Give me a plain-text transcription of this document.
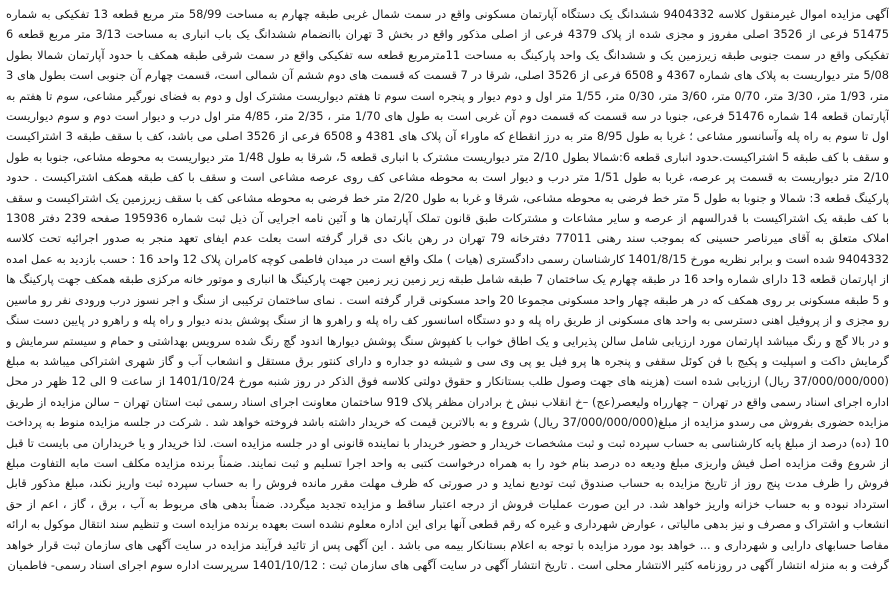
آگهی مزایده اموال غیرمنقول کلاسه 9404332 ششدانگ یک دستگاه آپارتمان مسکونی واقع در سمت شمال غربی طبقه چهارم به مساحت 58/99 متر مربع قطعه 13 تفکیکی به شماره 51475 فرعی از 3526 اصلی مفروز و مجزی شده از پلاک 4379 فرعی از اصلی مذکور واقع در بخش 3 تهران باانضمام ششدانگ یک باب انباری به مساحت 3/13 متر مربع قطعه 6 تفکیکی واقع در سمت جنوبی طبقه زیرزمین یک و ششدانگ یک واحد پارکینگ به مساحت 11مترمربع قطعه سه تفکیکی واقع در سمت شرقی طبقه همکف با حدود آپارتمان شمالا بطول 5/08 متر دیواریست به پلاک های شماره 4367 و 6508 فرعی از 3526 اصلی، شرقا در 7 قسمت که قسمت های دوم ششم آن شمالی است، قسمت چهارم آن جنوبی است بطول های 3 متر، 1/93 متر، 3/30 متر، 0/70 متر، 3/60 متر، 0/30 متر، 1/55 متر اول و دوم دیوار و پنجره است سوم تا هفتم دیواریست مشترک اول و دوم به فضای نورگیر مشاعی، سوم تا هفتم به آپارتمان قطعه 14 شماره 51476 فرعی، جنوبا در سه قسمت که قسمت دوم آن غربی است به طول های 1/70 متر ، 2/35 متر، 4/85 متر اول درب و دیوار است دوم و سوم دیواریست اول تا سوم به راه پله وآسانسور مشاعی ؛ غربا به طول 8/95 متر به درز انقطاع که ماوراء آن پلاک های 4381 و 6508 فرعی از 3526 اصلی می باشد، کف با سقف طبقه 3 اشتراکیست و سقف با کف طبقه 5 اشتراکیست.حدود انباری قطعه 6:شمالا بطول 2/10 متر دیواریست مشترک با انباری قطعه 5، شرقا به طول 1/48 متر دیواریست به محوطه مشاعی، جنوبا به طول 2/10 متر دیواریست به قسمت پر عرصه، غربا به طول 1/51 متر درب و دیوار است به محوطه مشاعی کف روی عرصه مشاعی است و سقف با کف طبقه همکف اشتراکیست . حدود پارکینگ قطعه 3: شمالا و جنوبا به طول 5 متر خط فرضی به محوطه مشاعی، شرقا و غربا به طول 2/20 متر خط فرضی به محوطه مشاعی کف با سقف زیرزمین یک اشتراکیست و سقف با کف طبقه یک اشتراکیست با قدرالسهم از عرصه و سایر مشاعات و مشترکات طبق قانون تملک آپارتمان ها و آئین نامه اجرایی آن ذیل ثبت شماره 195936 صفحه 239 دفتر 1308 املاک متعلق به آقای میرناصر حسینی که بموجب سند رهنی 77011 دفترخانه 79 تهران در رهن بانک دی قرار گرفته است بعلت عدم ایفای تعهد منجر به صدور اجرائیه تحت کلاسه 9404332 شده است و برابر نظریه مورخ 1401/8/15 کارشناسان رسمی دادگستری (هیات ) ملک واقع است در میدان فاطمی کوچه کامران پلاک 12 واحد 16 : حسب بازدید به عمل امده از اپارتمان قطعه 13 دارای شماره واحد 16 در طبقه چهارم یک ساختمان 7 طبقه شامل طبقه زیر زمین زیر زمین جهت پارکینگ ها انباری و موتور خانه مرکزی طبقه همکف جهت پارکینگ ها و 5 طبقه مسکونی بر روی همکف که در هر طبقه چهار واحد مسکونی مجموعا 20 واحد مسکونی قرار گرفته است . نمای ساختمان ترکیبی از سنگ و اجر نسوز درب ورودی نفر رو ماسین رو مجزی و از پروفیل اهنی دسترسی به واحد های مسکونی از طریق راه پله و دو دستگاه اسانسور کف راه پله و راهرو ها از سنگ پوشش بدنه دیوار و راه پله و راهرو در پایین دست سنگ و در بالا گچ و رنگ میباشد اپارتمان مورد ارزیابی شامل سالن پذیرایی و یک اطاق خواب با کفپوش سنگ پوشش دیوارها اندود گچ رنگ شده سرویس بهداشتی و حمام و سیستم سرمایش و گرمایش داکت و اسپلیت و پکیج با فن کوئل سقفی و پنجره ها پرو فیل یو پی وی سی و شیشه دو جداره و دارای کنتور برق مستقل و انشعاب آب و گاز شهری اشتراکی میباشد به مبلغ (37/000/000/000 ریال) ارزیابی شده است (هزینه های جهت وصول طلب بستانکار و حقوق دولتی کلاسه فوق الذکر در روز شنبه مورخ 1401/10/24 از ساعت 9 الی 12 ظهر در محل اداره اجرای اسناد رسمی واقع در تهران – چهارراه ولیعصر(عج) –خ انقلاب نبش خ برادران مظفر پلاک 919 ساختمان معاونت اجرای اسناد رسمی ثبت استان تهران – سالن مزایده از طریق مزایده حضوری بفروش می رسدو مزایده از مبلغ(37/000/000/000 ریال) شروع و به بالاترین قیمت که خریدار داشته باشد فروخته خواهد شد . شرکت در جلسه مزایده منوط به پرداخت 10 (ده) درصد از مبلغ پایه کارشناسی به حساب سپرده ثبت و ثبت مشخصات خریدار و حضور خریدار با نماینده قانونی او در جلسه مزایده است. لذا خریدار و یا خریداران می بایست تا قبل از شروع وقت مزایده اصل فیش واریزی مبلغ ودیعه ده درصد بنام خود را به همراه درخواست کتبی به واحد اجرا تسلیم و ثبت نمایند. ضمناً برنده مزایده مکلف است مابه التفاوت مبلغ فروش را ظرف مدت پنج روز از تاریخ مزایده به حساب صندوق ثبت تودیع نماید و در صورتی که ظرف مهلت مقرر مانده فروش را به حساب سپرده ثبت واریز نکند، مبلغ مذکور قابل استرداد نبوده و به حساب خزانه واریز خواهد شد. در این صورت عملیات فروش از درجه اعتبار ساقط و مزایده تجدید میگردد. ضمناً بدهی های مربوط به آب ، برق ، گاز ، اعم از حق انشعاب و اشتراک و مصرف و نیز بدهی مالیاتی ، عوارض شهرداری و غیره که رقم قطعی آنها برای این اداره معلوم نشده است بعهده برنده مزایده است و تنظیم سند انتقال موکول به ارائه مفاصا حسابهای دارایی و شهرداری و ... خواهد بود مورد مزایده با توجه به اعلام بستانکار بیمه می باشد . این آگهی پس از تائید فرآیند مزایده در سایت آگهی های سازمان ثبت قرار خواهد گرفت و به منزله انتشار آگهی در روزنامه کثیر الانتشار محلی است . تاریخ انتشار آگهی در سایت آگهی های سازمان ثبت : 1401/10/12 سرپرست اداره سوم اجرای اسناد رسمی- فاطمیان
